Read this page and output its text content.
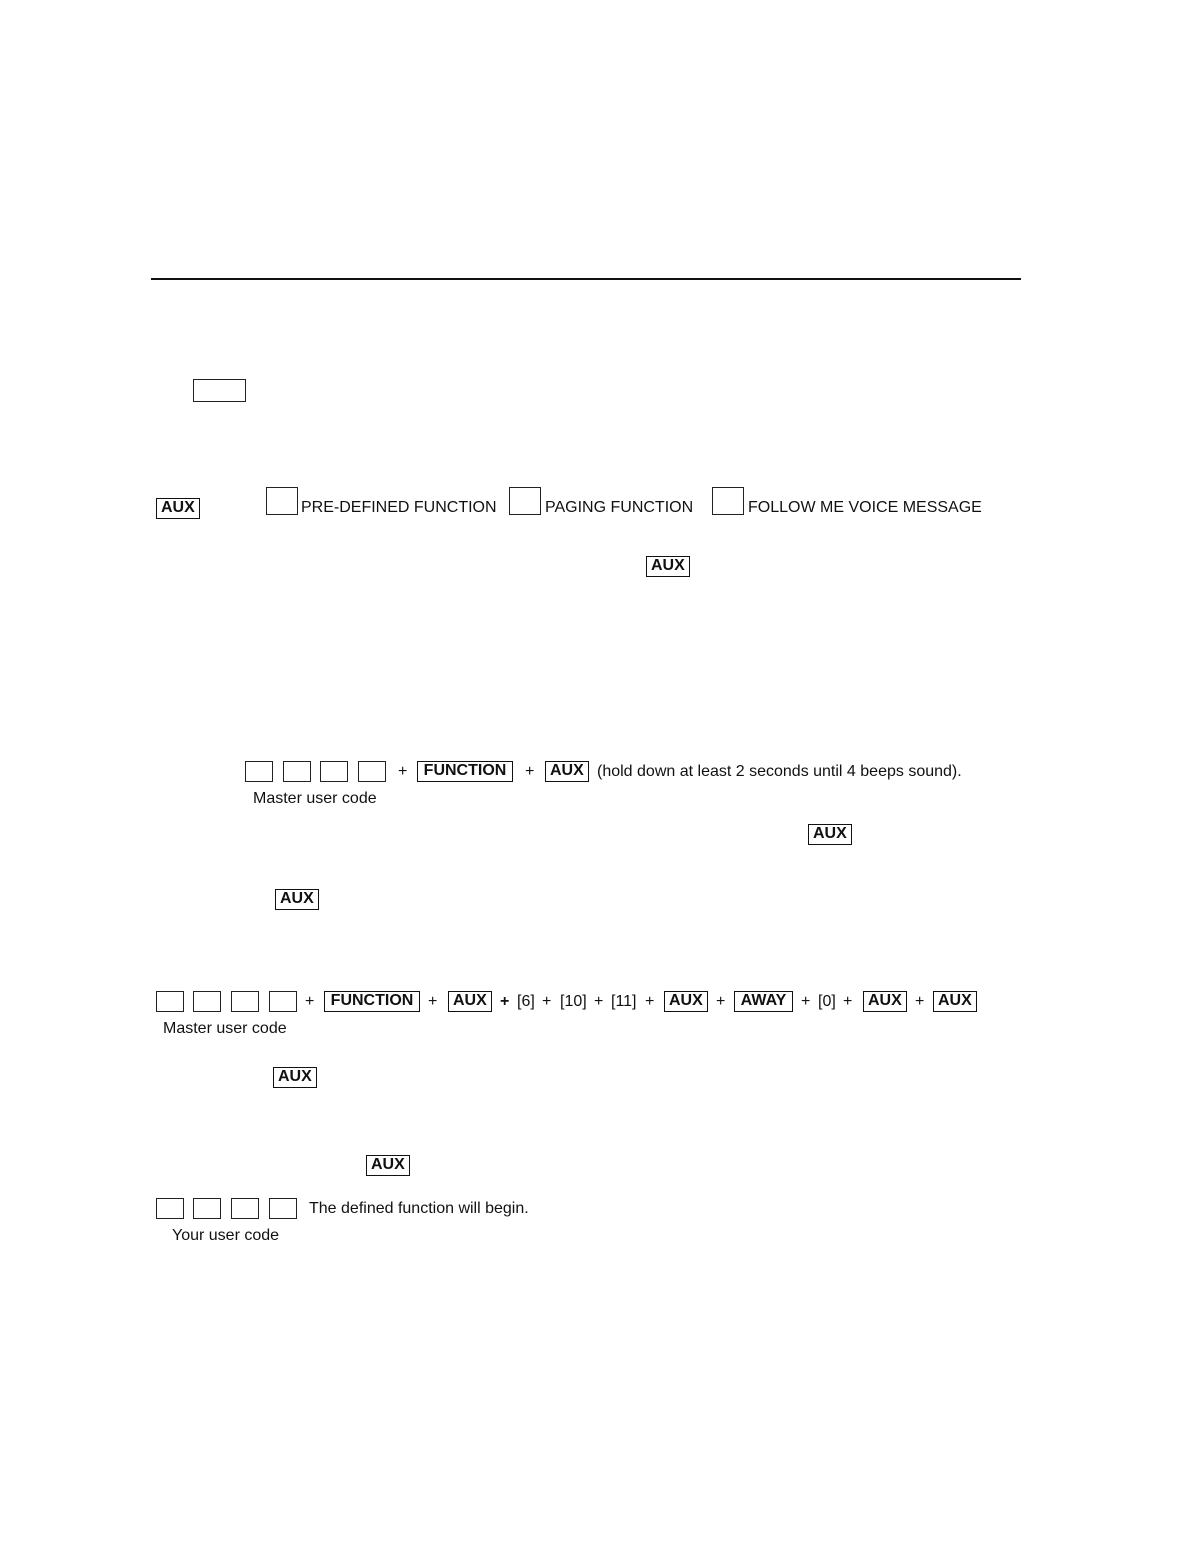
AUX	PRE-DEFINED FUNCTION	PAGING FUNCTION	FOLLOW ME VOICE MESSAGE
AUX
+	FUNCTION	+ AUX (hold down at least 2 seconds until 4 beeps sound).
Master user code
AUX
AUX
+	FUNCTION + AUX + [6] + [10] + [11] + AUX + AWAY + [0] + AUX + AUX
Master user code
AUX
AUX
The defined function will begin.
Your user code
